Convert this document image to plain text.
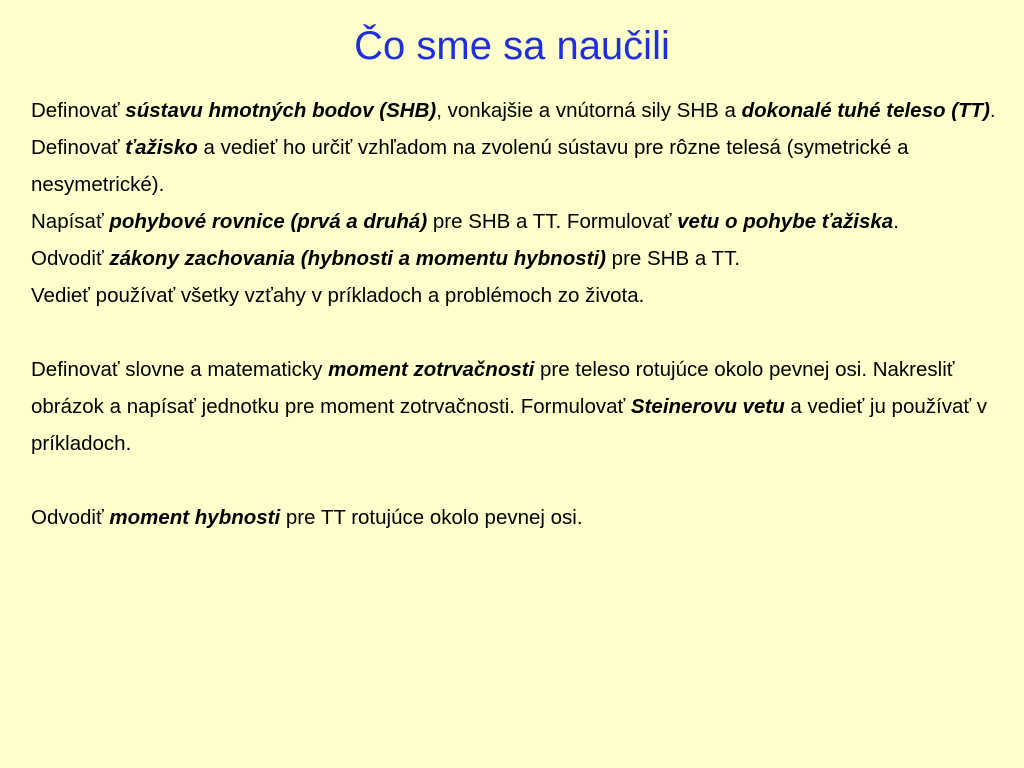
Čo sme sa naučili

Definovať sústavu hmotných bodov (SHB), vonkajšie a vnútorná sily SHB a dokonalé tuhé teleso (TT).

Definovať ťažisko a vedieť ho určiť vzhľadom na zvolenú sústavu pre rôzne telesá (symetrické a nesymetrické).

Napísať pohybové rovnice (prvá a druhá) pre SHB a TT. Formulovať vetu o pohybe ťažiska.

Odvodiť zákony zachovania (hybnosti a momentu hybnosti) pre SHB a TT.

Vedieť používať všetky vzťahy v príkladoch a problémoch zo života.

Definovať slovne a matematicky moment zotrvačnosti pre teleso rotujúce okolo pevnej osi. Nakresliť obrázok a napísať jednotku pre moment zotrvačnosti. Formulovať Steinerovu vetu a vedieť ju používať v príkladoch.

Odvodiť moment hybnosti pre TT rotujúce okolo pevnej osi.
